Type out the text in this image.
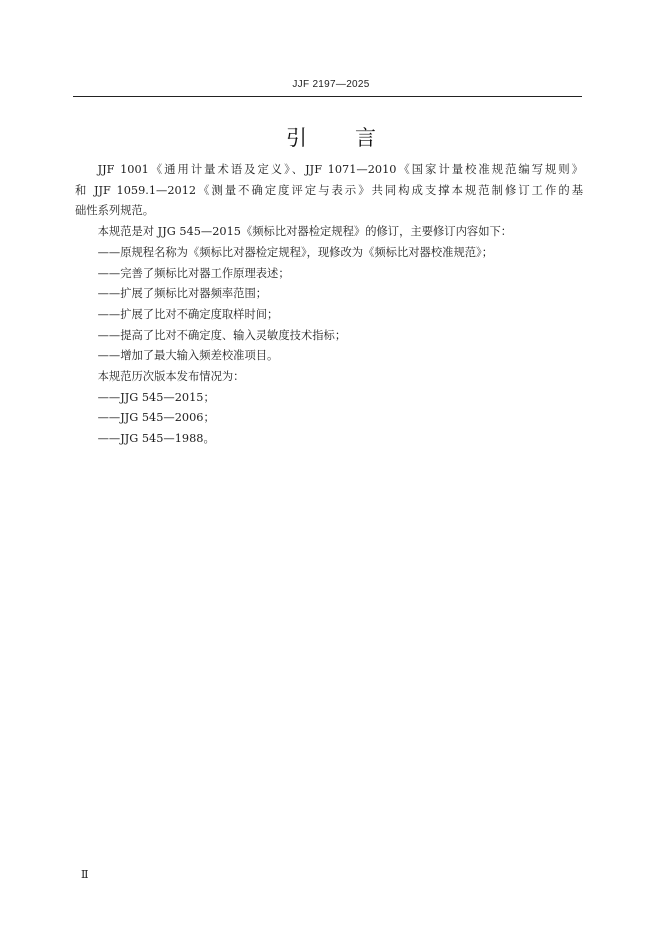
JJF 2197—2025
引言

JJF 1001《通用计量术语及定义》、JJF 1071—2010《国家计量校准规范编写规则》

和 JJF 1059.1—2012《测量不确定度评定与表示》共同构成支撑本规范制修订工作的基

础性系列规范。

本规范是对 JJG 545—2015《频标比对器检定规程》的修订，主要修订内容如下：

——原规程名称为《频标比对器检定规程》，现修改为《频标比对器校准规范》；

——完善了频标比对器工作原理表述；

——扩展了频标比对器频率范围；

——扩展了比对不确定度取样时间；

——提高了比对不确定度、输入灵敏度技术指标；

——增加了最大输入频差校准项目。

本规范历次版本发布情况为：

——JJG 545—2015；

——JJG 545—2006；

——JJG 545—1988。

Ⅱ
